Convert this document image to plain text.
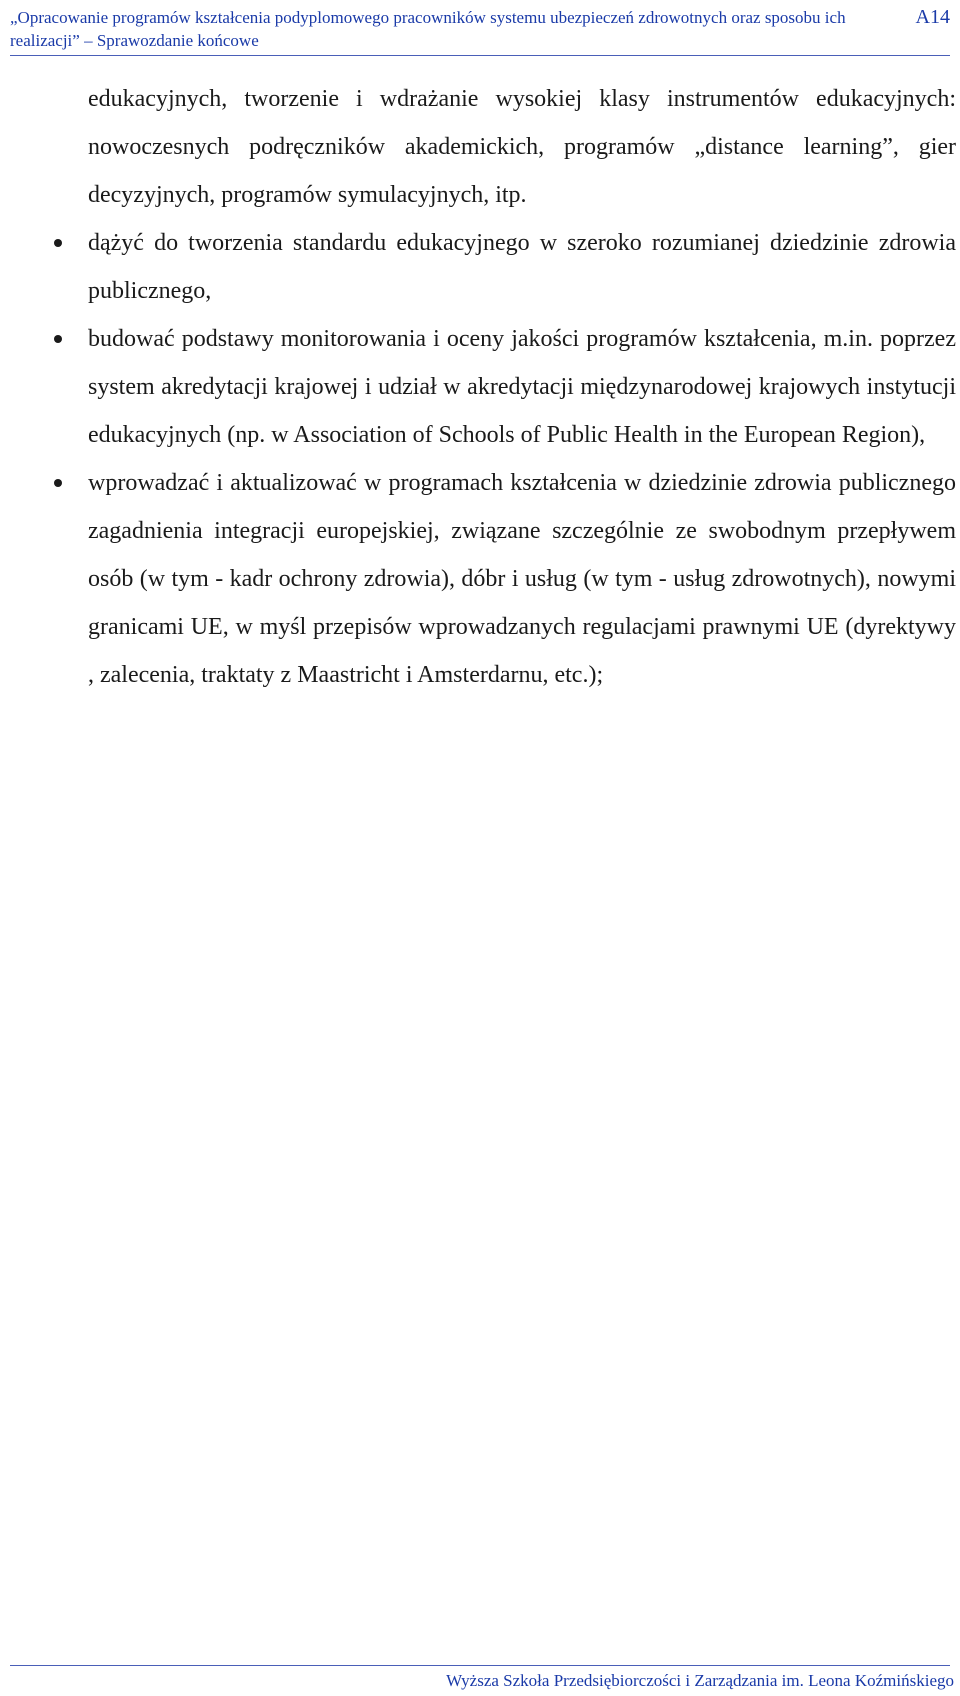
„Opracowanie programów kształcenia podyplomowego pracowników systemu ubezpieczeń zdrowotnych oraz sposobu ich realizacji” – Sprawozdanie końcowe
A14

edukacyjnych, tworzenie i wdrażanie wysokiej klasy instrumentów edukacyjnych: nowoczesnych podręczników akademickich, programów „distance learning”, gier decyzyjnych, programów symulacyjnych, itp.

dążyć do tworzenia standardu edukacyjnego w szeroko rozumianej dziedzinie zdrowia publicznego,

budować podstawy monitorowania i oceny jakości programów kształcenia, m.in. poprzez system akredytacji krajowej i udział w akredytacji międzynarodowej krajowych instytucji edukacyjnych (np. w Association of Schools of Public Health in the European Region),

wprowadzać i aktualizować w programach kształcenia w dziedzinie zdrowia publicznego zagadnienia integracji europejskiej, związane szczególnie ze swobodnym przepływem osób (w tym - kadr ochrony zdrowia), dóbr i usług (w tym - usług zdrowotnych), nowymi granicami UE, w myśl przepisów wprowadzanych regulacjami prawnymi UE (dyrektywy , zalecenia, traktaty z Maastricht i Amsterdarnu, etc.);

Wyższa Szkoła Przedsiębiorczości i Zarządzania im. Leona Koźmińskiego
